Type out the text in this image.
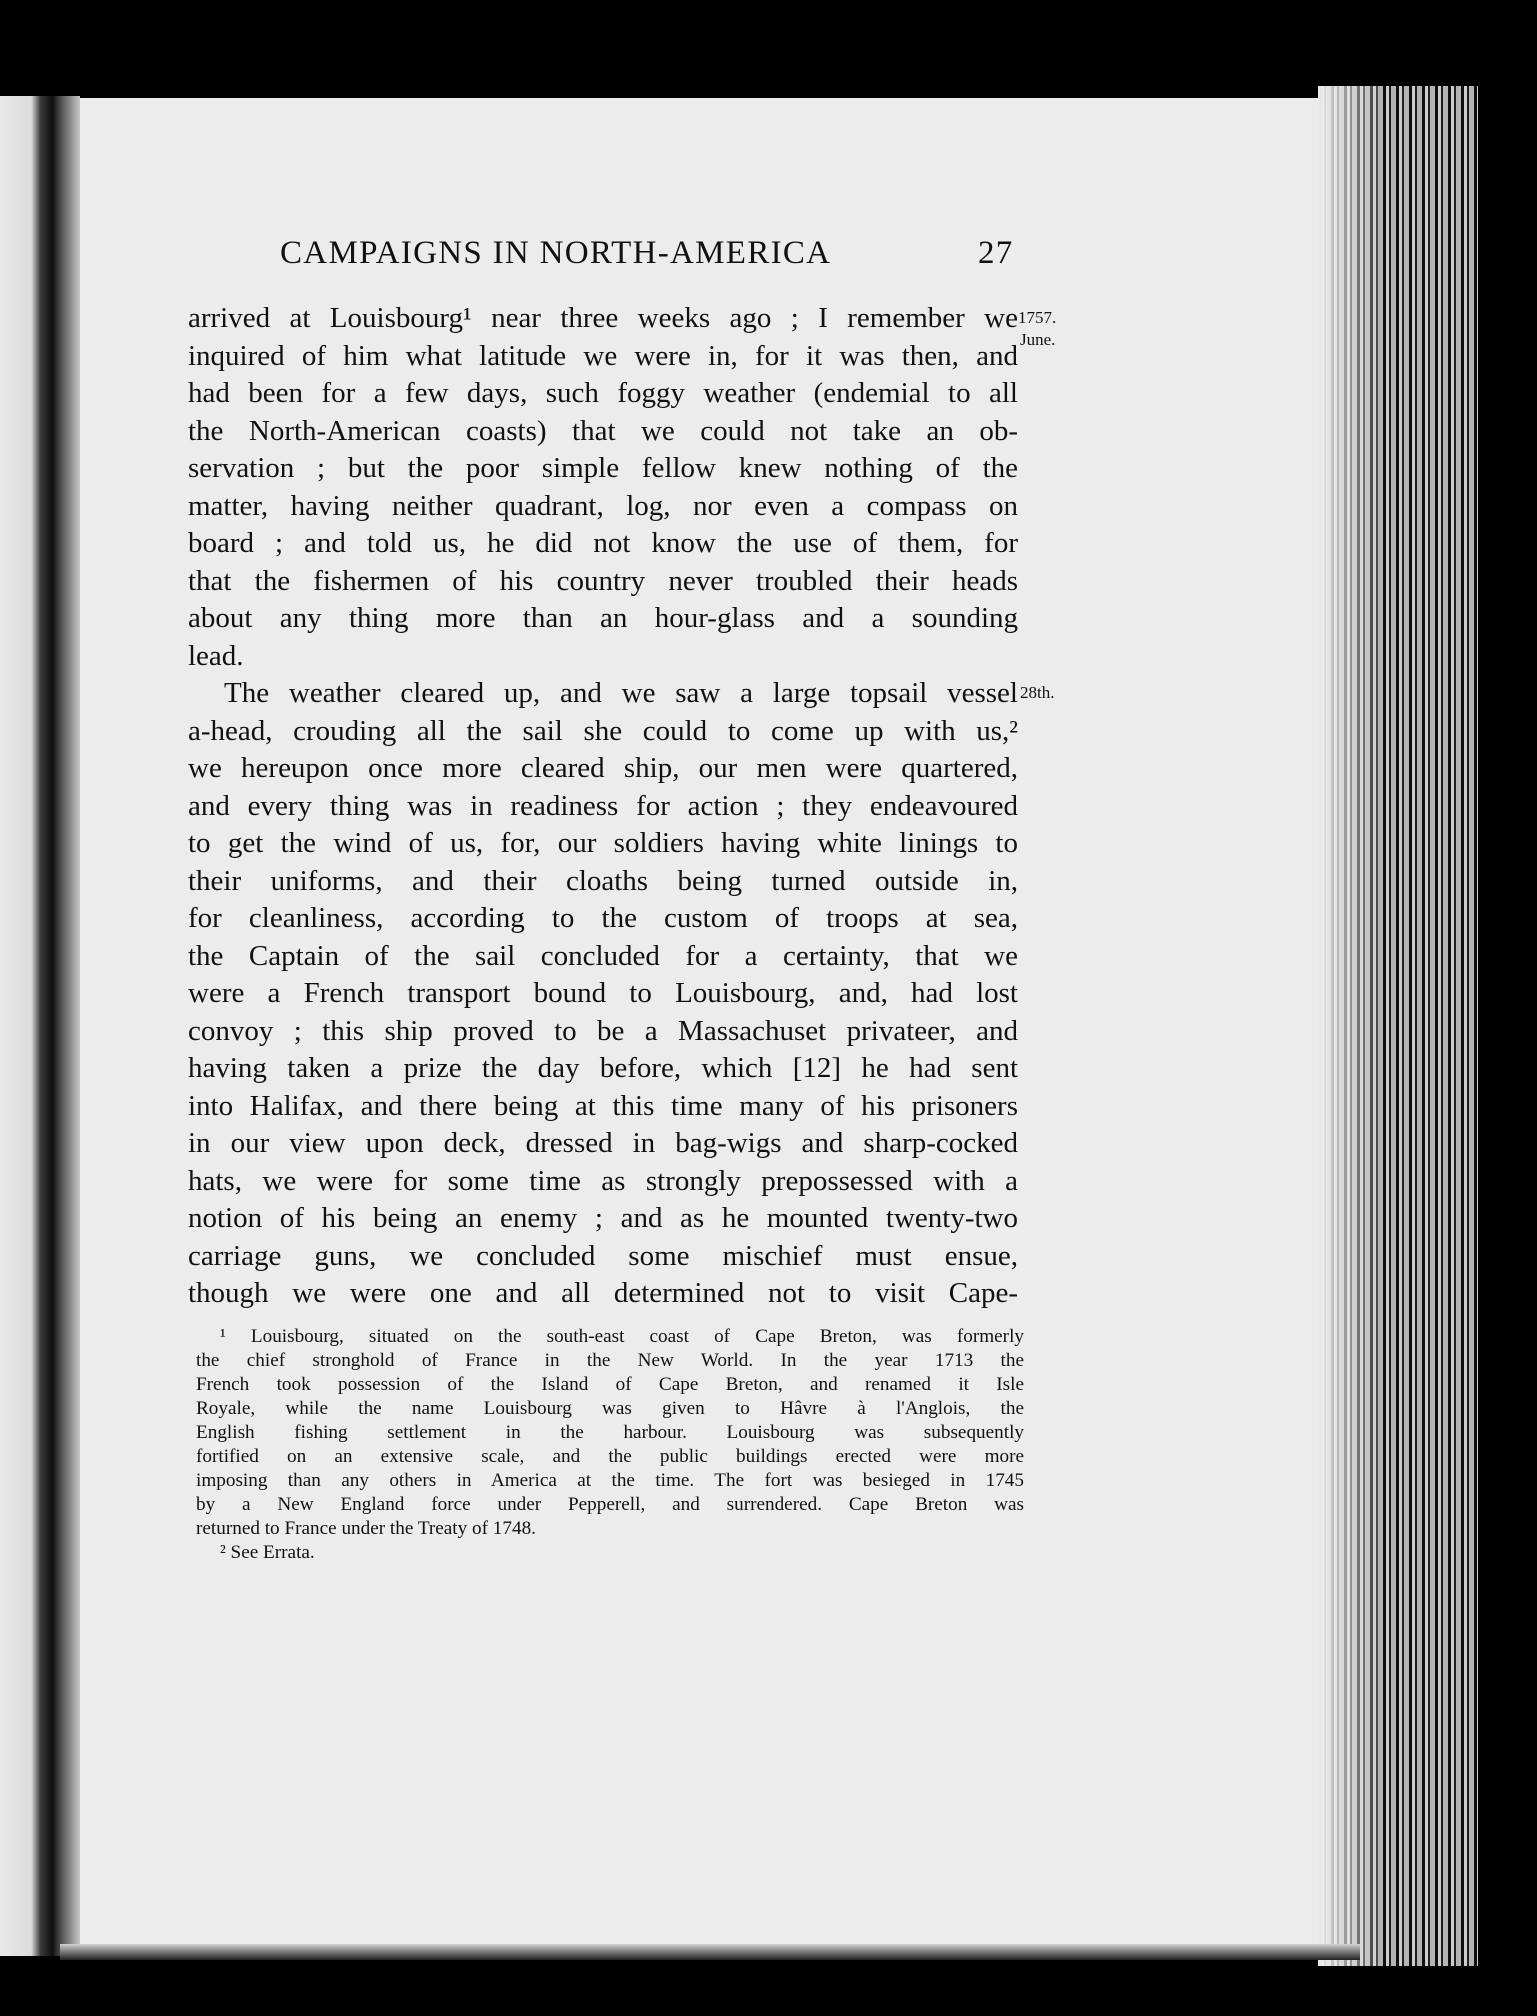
CAMPAIGNS IN NORTH-AMERICA	27
1757.
June.
28th.
arrived at Louisbourg¹ near three weeks ago ; I remember we
inquired of him what latitude we were in, for it was then, and
had been for a few days, such foggy weather (endemial to all
the North-American coasts) that we could not take an ob-
servation ; but the poor simple fellow knew nothing of the
matter, having neither quadrant, log, nor even a compass on
board ; and told us, he did not know the use of them, for
that the fishermen of his country never troubled their heads
about any thing more than an hour-glass and a sounding
lead.
The weather cleared up, and we saw a large topsail vessel
a-head, crouding all the sail she could to come up with us,²
we hereupon once more cleared ship, our men were quartered,
and every thing was in readiness for action ; they endeavoured
to get the wind of us, for, our soldiers having white linings to
their uniforms, and their cloaths being turned outside in,
for cleanliness, according to the custom of troops at sea,
the Captain of the sail concluded for a certainty, that we
were a French transport bound to Louisbourg, and, had lost
convoy ; this ship proved to be a Massachuset privateer, and
having taken a prize the day before, which [12] he had sent
into Halifax, and there being at this time many of his prisoners
in our view upon deck, dressed in bag-wigs and sharp-cocked
hats, we were for some time as strongly prepossessed with a
notion of his being an enemy ; and as he mounted twenty-two
carriage guns, we concluded some mischief must ensue,
though we were one and all determined not to visit Cape-
¹ Louisbourg, situated on the south-east coast of Cape Breton, was formerly
the chief stronghold of France in the New World. In the year 1713 the
French took possession of the Island of Cape Breton, and renamed it Isle
Royale, while the name Louisbourg was given to Hâvre à l'Anglois, the
English fishing settlement in the harbour. Louisbourg was subsequently
fortified on an extensive scale, and the public buildings erected were more
imposing than any others in America at the time. The fort was besieged in 1745
by a New England force under Pepperell, and surrendered. Cape Breton was
returned to France under the Treaty of 1748.
² See Errata.
